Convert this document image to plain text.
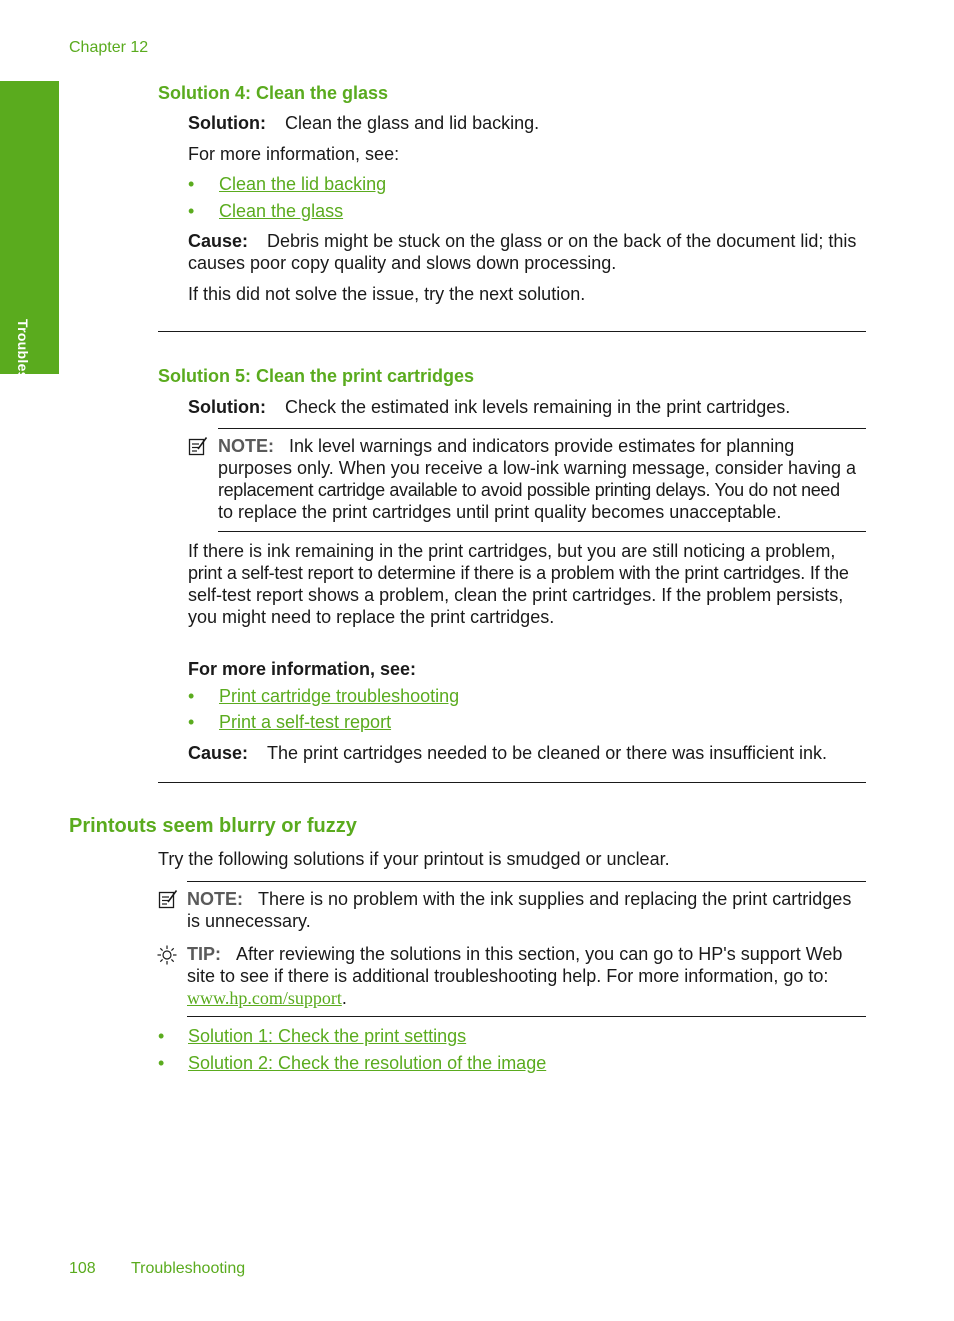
Chapter 12
Troubleshooting
Solution 4: Clean the glass
Solution: Clean the glass and lid backing.
For more information, see:
• Clean the lid backing
• Clean the glass
Cause: Debris might be stuck on the glass or on the back of the document lid; this
causes poor copy quality and slows down processing.
If this did not solve the issue, try the next solution.
Solution 5: Clean the print cartridges
Solution: Check the estimated ink levels remaining in the print cartridges.
NOTE: Ink level warnings and indicators provide estimates for planning
purposes only. When you receive a low-ink warning message, consider having a
replacement cartridge available to avoid possible printing delays. You do not need
to replace the print cartridges until print quality becomes unacceptable.
If there is ink remaining in the print cartridges, but you are still noticing a problem,
print a self-test report to determine if there is a problem with the print cartridges. If the
self-test report shows a problem, clean the print cartridges. If the problem persists,
you might need to replace the print cartridges.
For more information, see:
• Print cartridge troubleshooting
• Print a self-test report
Cause: The print cartridges needed to be cleaned or there was insufficient ink.
Printouts seem blurry or fuzzy
Try the following solutions if your printout is smudged or unclear.
NOTE: There is no problem with the ink supplies and replacing the print cartridges
is unnecessary.
TIP: After reviewing the solutions in this section, you can go to HP's support Web
site to see if there is additional troubleshooting help. For more information, go to:
www.hp.com/support.
• Solution 1: Check the print settings
• Solution 2: Check the resolution of the image
108 Troubleshooting
